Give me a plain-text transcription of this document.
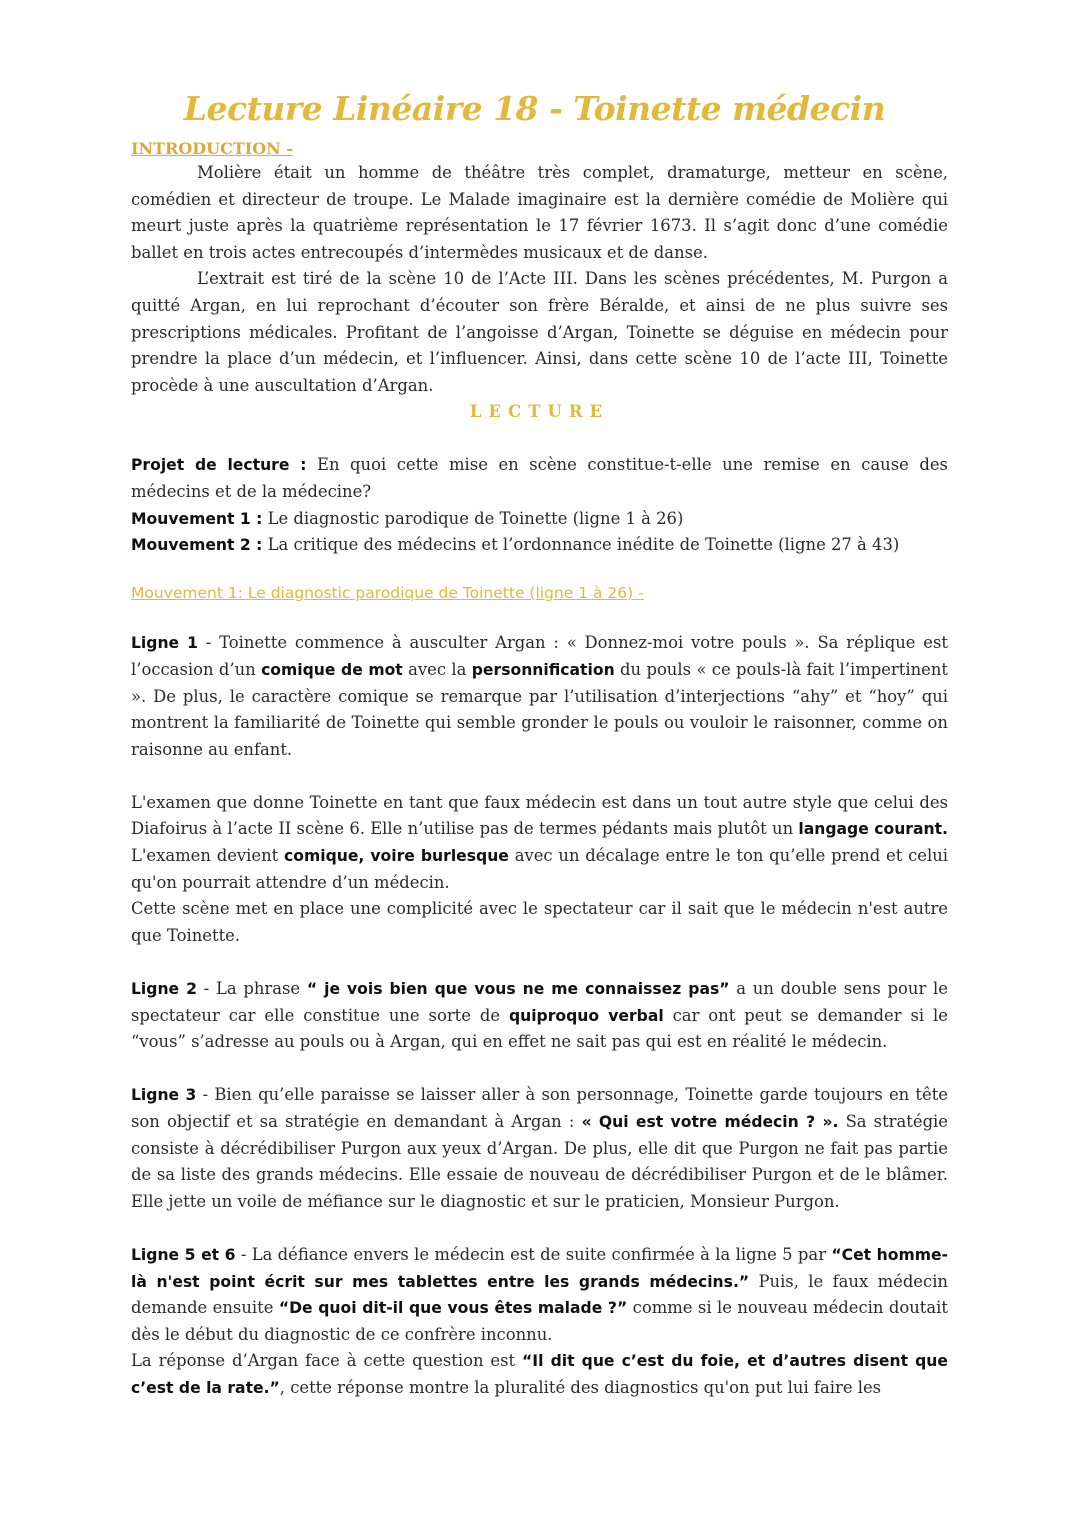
Lecture Linéaire 18 - Toinette médecin
INTRODUCTION -

Molière était un homme de théâtre très complet, dramaturge, metteur en scène, comédien et directeur de troupe. Le Malade imaginaire est la dernière comédie de Molière qui meurt juste après la quatrième représentation le 17 février 1673. Il s’agit donc d’une comédie ballet en trois actes entrecoupés d’intermèdes musicaux et de danse.

L’extrait est tiré de la scène 10 de l’Acte III. Dans les scènes précédentes, M. Purgon a quitté Argan, en lui reprochant d’écouter son frère Béralde, et ainsi de ne plus suivre ses prescriptions médicales. Profitant de l’angoisse d’Argan, Toinette se déguise en médecin pour prendre la place d’un médecin, et l’influencer. Ainsi, dans cette scène 10 de l’acte III, Toinette procède à une auscultation d’Argan.

LECTURE

Projet de lecture : En quoi cette mise en scène constitue-t-elle une remise en cause des médecins et de la médecine?

Mouvement 1 : Le diagnostic parodique de Toinette (ligne 1 à 26)

Mouvement 2 : La critique des médecins et l’ordonnance inédite de Toinette (ligne 27 à 43)

Mouvement 1: Le diagnostic parodique de Toinette (ligne 1 à 26) -

Ligne 1 - Toinette commence à ausculter Argan : « Donnez-moi votre pouls ». Sa réplique est l’occasion d’un comique de mot avec la personnification du pouls « ce pouls-là fait l’impertinent ». De plus, le caractère comique se remarque par l’utilisation d’interjections “ahy” et “hoy” qui montrent la familiarité de Toinette qui semble gronder le pouls ou vouloir le raisonner, comme on raisonne au enfant.

L'examen que donne Toinette en tant que faux médecin est dans un tout autre style que celui des Diafoirus à l’acte II scène 6. Elle n’utilise pas de termes pédants mais plutôt un langage courant. L'examen devient comique, voire burlesque avec un décalage entre le ton qu’elle prend et celui qu'on pourrait attendre d’un médecin.

Cette scène met en place une complicité avec le spectateur car il sait que le médecin n'est autre que Toinette.

Ligne 2 - La phrase “ je vois bien que vous ne me connaissez pas” a un double sens pour le spectateur car elle constitue une sorte de quiproquo verbal car ont peut se demander si le “vous” s’adresse au pouls ou à Argan, qui en effet ne sait pas qui est en réalité le médecin.

Ligne 3 - Bien qu’elle paraisse se laisser aller à son personnage, Toinette garde toujours en tête son objectif et sa stratégie en demandant à Argan : « Qui est votre médecin ? ». Sa stratégie consiste à décrédibiliser Purgon aux yeux d’Argan. De plus, elle dit que Purgon ne fait pas partie de sa liste des grands médecins. Elle essaie de nouveau de décrédibiliser Purgon et de le blâmer. Elle jette un voile de méfiance sur le diagnostic et sur le praticien, Monsieur Purgon.

Ligne 5 et 6 - La défiance envers le médecin est de suite confirmée à la ligne 5 par “Cet homme-là n'est point écrit sur mes tablettes entre les grands médecins.” Puis, le faux médecin demande ensuite “De quoi dit-il que vous êtes malade ?” comme si le nouveau médecin doutait dès le début du diagnostic de ce confrère inconnu.

La réponse d’Argan face à cette question est “Il dit que c’est du foie, et d’autres disent que c’est de la rate.”, cette réponse montre la pluralité des diagnostics qu'on put lui faire les
